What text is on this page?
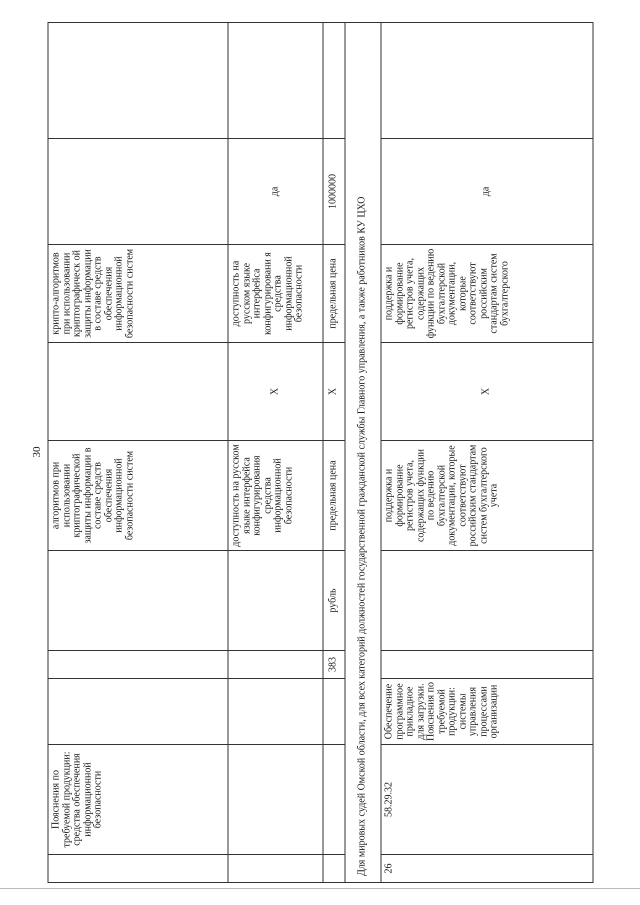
30
	Пояснения по требуемой продукции: средства обеспечения информационной безопасности				алгоритмов при использовании криптографической защиты информации в составе средств обеспечения информационной безопасности систем		крипто-алгоритмов при использовании криптографическ ой защиты информации в составе средств обеспечения информационной безопасности систем		
					доступность на русском языке интерфейса конфигурирования средства информационной безопасности	X	доступность на русском языке интерфейса конфигурировани я средства информационной безопасности	да	
			383	рубль	предельная цена	X	предельная цена	1000000	
Для мировых судей Омской области, для всех категорий должностей государственной гражданской службы Главного управления, а также работников КУ ЦХО									
26	58.29.32	Обеспечение программное прикладное для загрузки. Пояснения по требуемой продукции: системы управления процессами организации			поддержка и формирование регистров учета, содержащих функции по ведению бухгалтерской документации, которые соответствуют российским стандартам систем бухгалтерского учета	X	поддержка и формирование регистров учета, содержащих функции по ведению бухгалтерской документации, которые соответствуют российским стандартам систем бухгалтерского	да	
